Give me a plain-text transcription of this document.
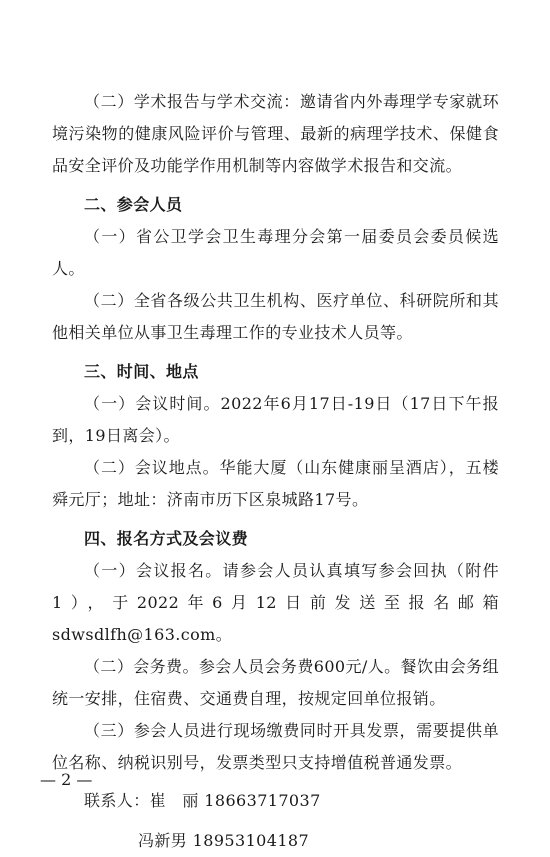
（二）学术报告与学术交流：邀请省内外毒理学专家就环境污染物的健康风险评价与管理、最新的病理学技术、保健食品安全评价及功能学作用机制等内容做学术报告和交流。

二、参会人员

（一）省公卫学会卫生毒理分会第一届委员会委员候选人。

（二）全省各级公共卫生机构、医疗单位、科研院所和其他相关单位从事卫生毒理工作的专业技术人员等。

三、时间、地点

（一）会议时间。2022年6月17日-19日（17日下午报到，19日离会）。

（二）会议地点。华能大厦（山东健康丽呈酒店），五楼舜元厅；地址：济南市历下区泉城路17号。

四、报名方式及会议费

（一）会议报名。请参会人员认真填写参会回执（附件1），于2022年6月12日前发送至报名邮箱sdwsdlfh@163.com。

（二）会务费。参会人员会务费600元/人。餐饮由会务组统一安排，住宿费、交通费自理，按规定回单位报销。

（三）参会人员进行现场缴费同时开具发票，需要提供单位名称、纳税识别号，发票类型只支持增值税普通发票。

联系人：崔　丽 18663717037

冯新男 18953104187

— 2 —
